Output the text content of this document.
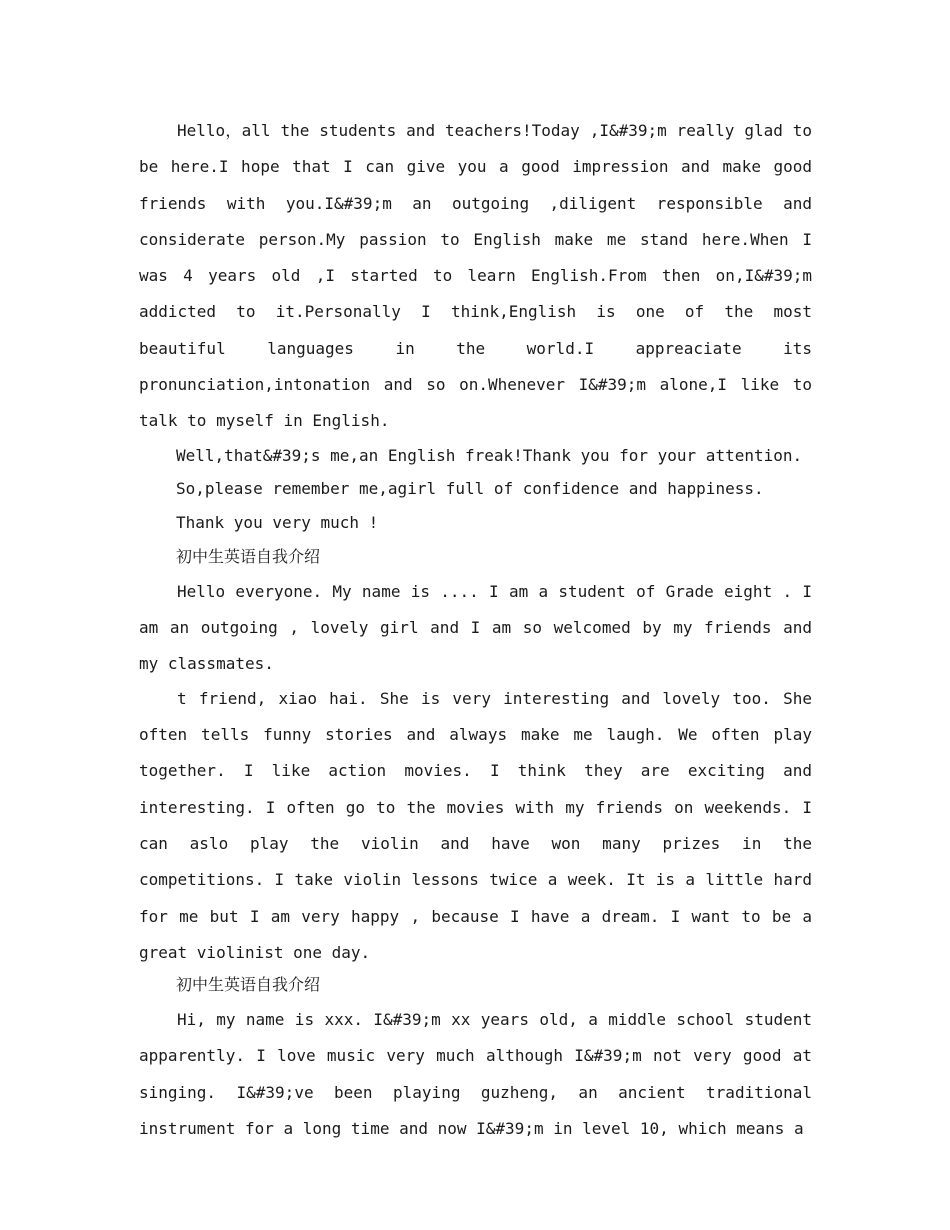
Hello，all the students and teachers!Today ,I&#39;m really glad to be here.I hope that I can give you a good impression and make good friends with you.I&#39;m an outgoing ,diligent responsible and considerate person.My passion to English make me stand here.When I was 4 years old ,I started to learn English.From then on,I&#39;m addicted to it.Personally I think,English is one of the most beautiful languages in the world.I appreaciate its pronunciation,intonation and so on.Whenever I&#39;m alone,I like to talk to myself in English.

Well,that&#39;s me,an English freak!Thank you for your attention.

So,please remember me,agirl full of confidence and happiness.

Thank you very much !

初中生英语自我介绍

Hello everyone. My name is .... I am a student of Grade eight . I am an outgoing , lovely girl and I am so welcomed by my friends and my classmates.

t friend, xiao hai. She is very interesting and lovely too. She often tells funny stories and always make me laugh. We often play together. I like action movies. I think they are exciting and interesting. I often go to the movies with my friends on weekends. I can aslo play the violin and have won many prizes in the competitions. I take violin lessons twice a week. It is a little hard for me but I am very happy , because I have a dream. I want to be a great violinist one day.

初中生英语自我介绍

Hi, my name is xxx. I&#39;m xx years old, a middle school student apparently. I love music very much although I&#39;m not very good at singing. I&#39;ve been playing guzheng, an ancient traditional instrument for a long time and now I&#39;m in level 10, which means a
